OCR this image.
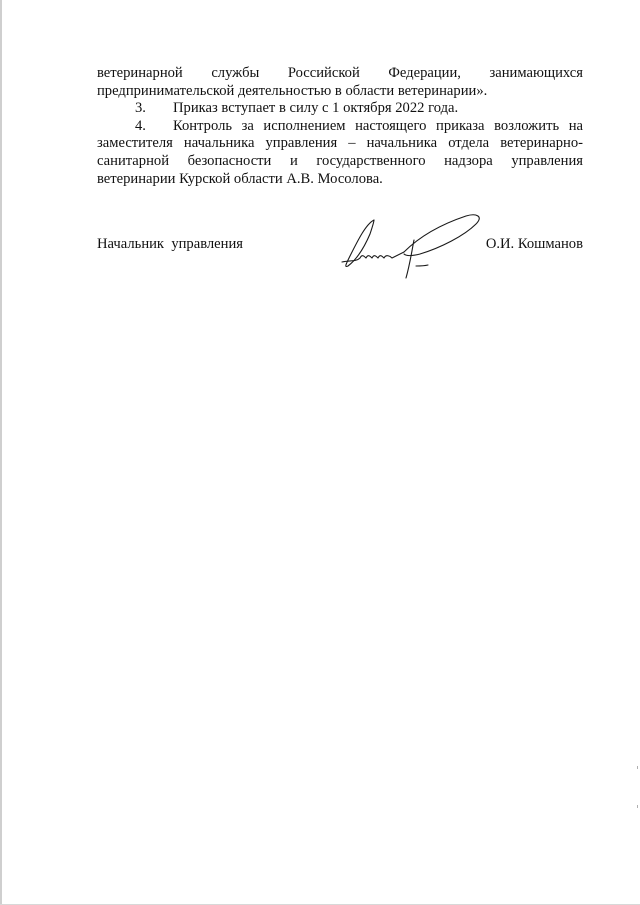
ветеринарной службы Российской Федерации, занимающихся
предпринимательской деятельностью в области ветеринарии».

3. Приказ вступает в силу с 1 октября 2022 года.

4. Контроль за исполнением настоящего приказа возложить на заместителя начальника управления – начальника отдела ветеринарно-санитарной безопасности и государственного надзора управления ветеринарии Курской области А.В. Мосолова.

Начальник  управления	О.И. Кошманов
